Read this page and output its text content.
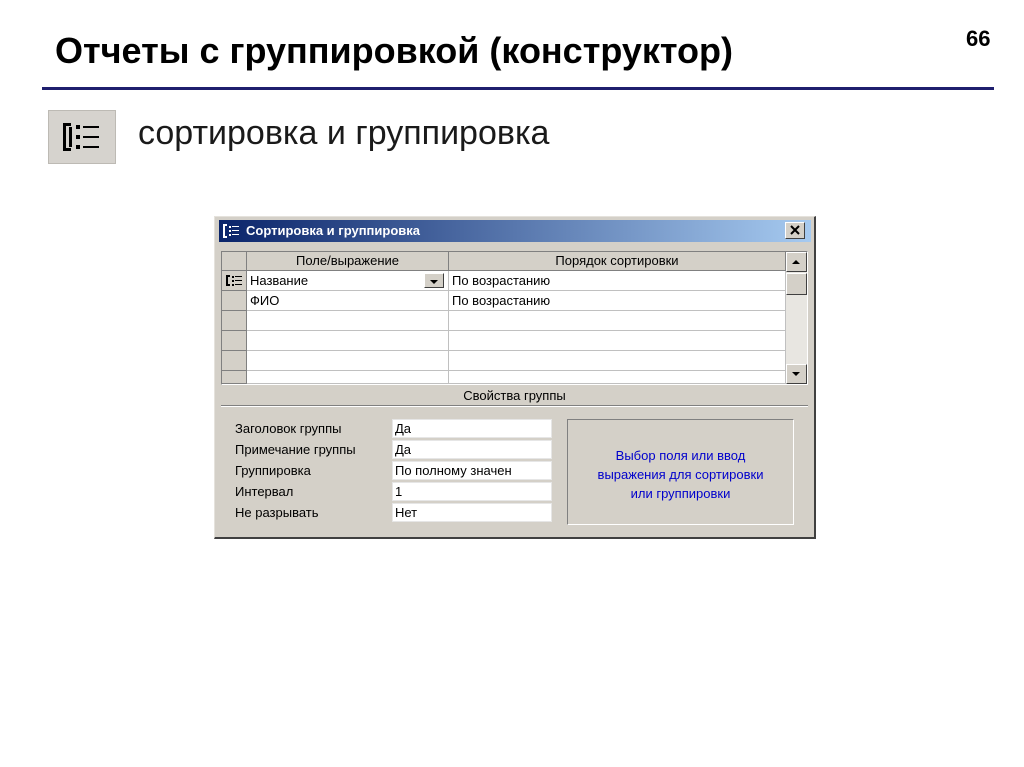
Отчеты с группировкой (конструктор)	66
сортировка и группировка
Сортировка и группировка
Поле/выражение	Порядок сортировки
Название	По возрастанию
ФИО	По возрастанию
Свойства группы
Заголовок группы	Да
Примечание группы	Да
Группировка	По полному значен
Интервал	1
Не разрывать	Нет
Выбор поля или ввод
выражения для сортировки
или группировки
